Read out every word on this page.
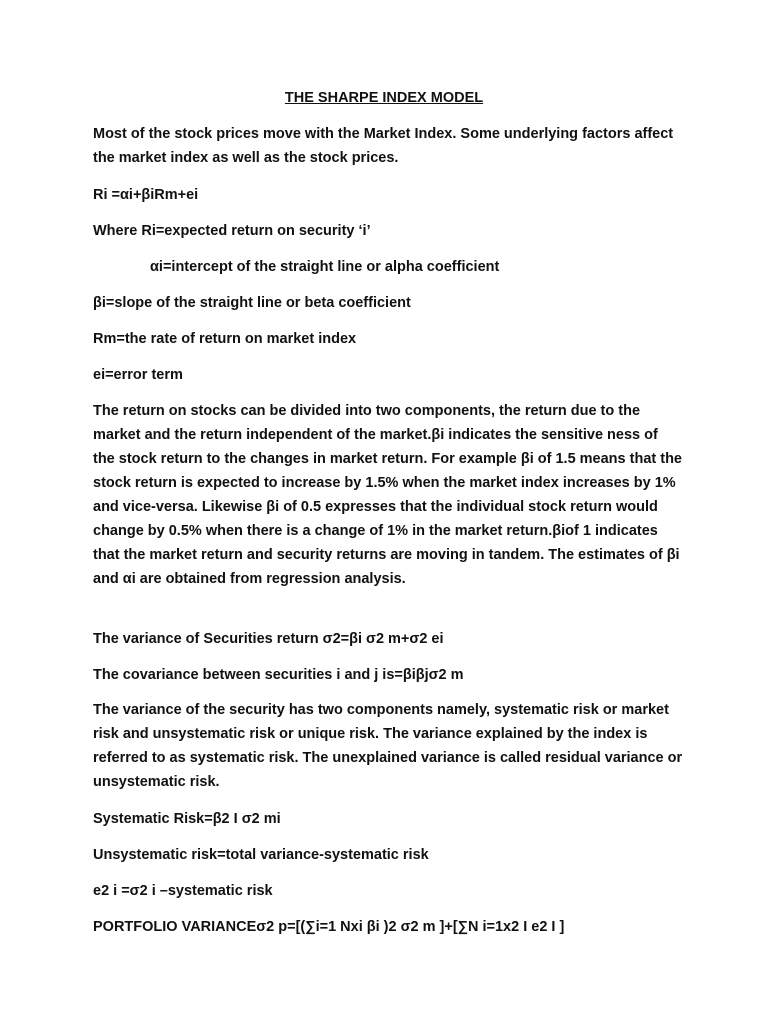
THE SHARPE INDEX MODEL
Most of the stock prices move with the Market Index. Some underlying factors affect the market index as well as the stock prices.
Ri =αi+βiRm+ei
Where Ri=expected return on security ‘i’
αi=intercept of the straight line or alpha coefficient
βi=slope of the straight line or beta coefficient
Rm=the rate of return on market index
ei=error term
The return on stocks can be divided into two components, the return due to the market and the return independent of the market.βi indicates the sensitive ness of the stock return to the changes in market return. For example βi of 1.5 means that the stock return is expected to increase by 1.5% when the market index increases by 1% and vice-versa. Likewise βi of 0.5 expresses that the individual stock return would change by 0.5% when there is a change of 1% in the market return.βiof 1 indicates that the market return and security returns are moving in tandem. The estimates of βi and αi are obtained from regression analysis.
The variance of Securities return σ2=βi σ2 m+σ2 ei
The covariance between securities i and j is=βiβjσ2 m
The variance of the security has two components namely, systematic risk or market risk and unsystematic risk or unique risk. The variance explained by the index is referred to as systematic risk. The unexplained variance is called residual variance or unsystematic risk.
Systematic Risk=β2 I σ2 mi
Unsystematic risk=total variance-systematic risk
e2 i =σ2 i –systematic risk
PORTFOLIO VARIANCEσ2 p=[(∑i=1 Nxi βi )2 σ2 m ]+[∑N i=1x2 I e2 I ]
